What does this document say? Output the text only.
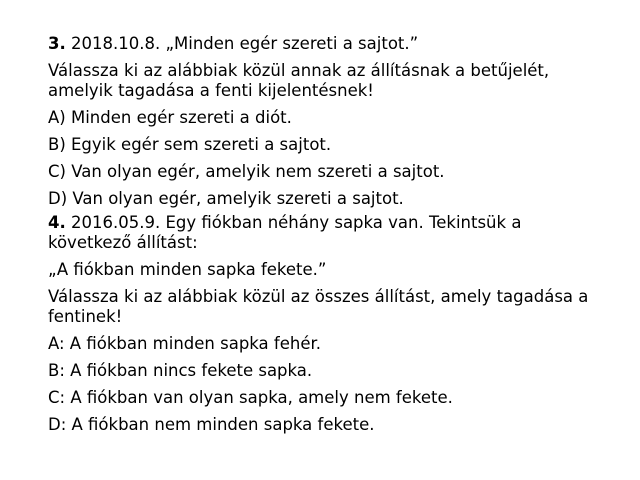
3. 2018.10.8. „Minden egér szereti a sajtot.”
Válassza ki az alábbiak közül annak az állításnak a betűjelét, amelyik tagadása a fenti kijelentésnek!
A) Minden egér szereti a diót.
B) Egyik egér sem szereti a sajtot.
C) Van olyan egér, amelyik nem szereti a sajtot.
D) Van olyan egér, amelyik szereti a sajtot.
4. 2016.05.9. Egy fiókban néhány sapka van. Tekintsük a következő állítást:
„A fiókban minden sapka fekete.”
Válassza ki az alábbiak közül az összes állítást, amely tagadása a fentinek!
A: A fiókban minden sapka fehér.
B: A fiókban nincs fekete sapka.
C: A fiókban van olyan sapka, amely nem fekete.
D: A fiókban nem minden sapka fekete.
